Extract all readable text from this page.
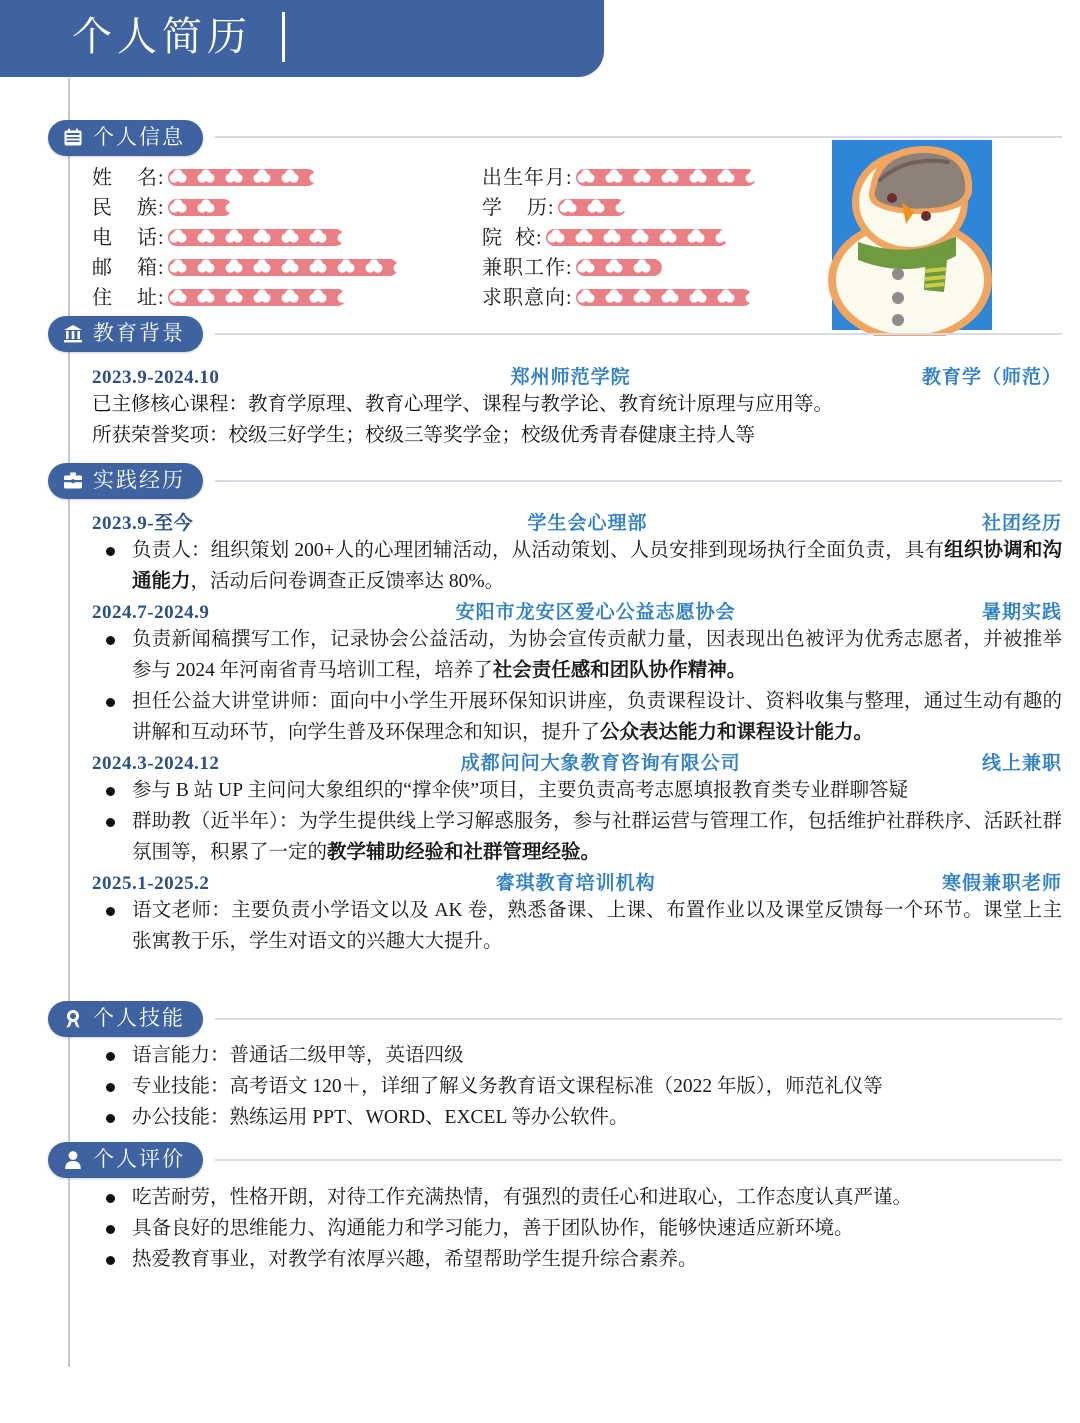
个人简历
个人信息
姓    名:
民    族:
电    话:
邮    箱:
住    址:
出生年月:
学    历:
院  校:
兼职工作:
求职意向:
教育背景
2023.9-2024.10	郑州师范学院	教育学（师范）
已主修核心课程：教育学原理、教育心理学、课程与教学论、教育统计原理与应用等。
所获荣誉奖项：校级三好学生；校级三等奖学金；校级优秀青春健康主持人等
实践经历
2023.9-至今	学生会心理部	社团经历
负责人：组织策划 200+人的心理团辅活动，从活动策划、人员安排到现场执行全面负责，具有组织协调和沟通能力，活动后问卷调查正反馈率达 80%。
2024.7-2024.9	安阳市龙安区爱心公益志愿协会	暑期实践
负责新闻稿撰写工作，记录协会公益活动，为协会宣传贡献力量，因表现出色被评为优秀志愿者，并被推举参与 2024 年河南省青马培训工程，培养了社会责任感和团队协作精神。
担任公益大讲堂讲师：面向中小学生开展环保知识讲座，负责课程设计、资料收集与整理，通过生动有趣的讲解和互动环节，向学生普及环保理念和知识，提升了公众表达能力和课程设计能力。
2024.3-2024.12	成都问问大象教育咨询有限公司	线上兼职
参与 B 站 UP 主问问大象组织的“撑伞侠”项目，主要负责高考志愿填报教育类专业群聊答疑
群助教（近半年）：为学生提供线上学习解惑服务，参与社群运营与管理工作，包括维护社群秩序、活跃社群氛围等，积累了一定的教学辅助经验和社群管理经验。
2025.1-2025.2	睿琪教育培训机构	寒假兼职老师
语文老师：主要负责小学语文以及 AK 卷，熟悉备课、上课、布置作业以及课堂反馈每一个环节。课堂上主张寓教于乐，学生对语文的兴趣大大提升。
个人技能
语言能力：普通话二级甲等，英语四级
专业技能：高考语文 120＋，详细了解义务教育语文课程标准（2022 年版），师范礼仪等
办公技能：熟练运用 PPT、WORD、EXCEL 等办公软件。
个人评价
吃苦耐劳，性格开朗，对待工作充满热情，有强烈的责任心和进取心，工作态度认真严谨。
具备良好的思维能力、沟通能力和学习能力，善于团队协作，能够快速适应新环境。
热爱教育事业，对教学有浓厚兴趣，希望帮助学生提升综合素养。
